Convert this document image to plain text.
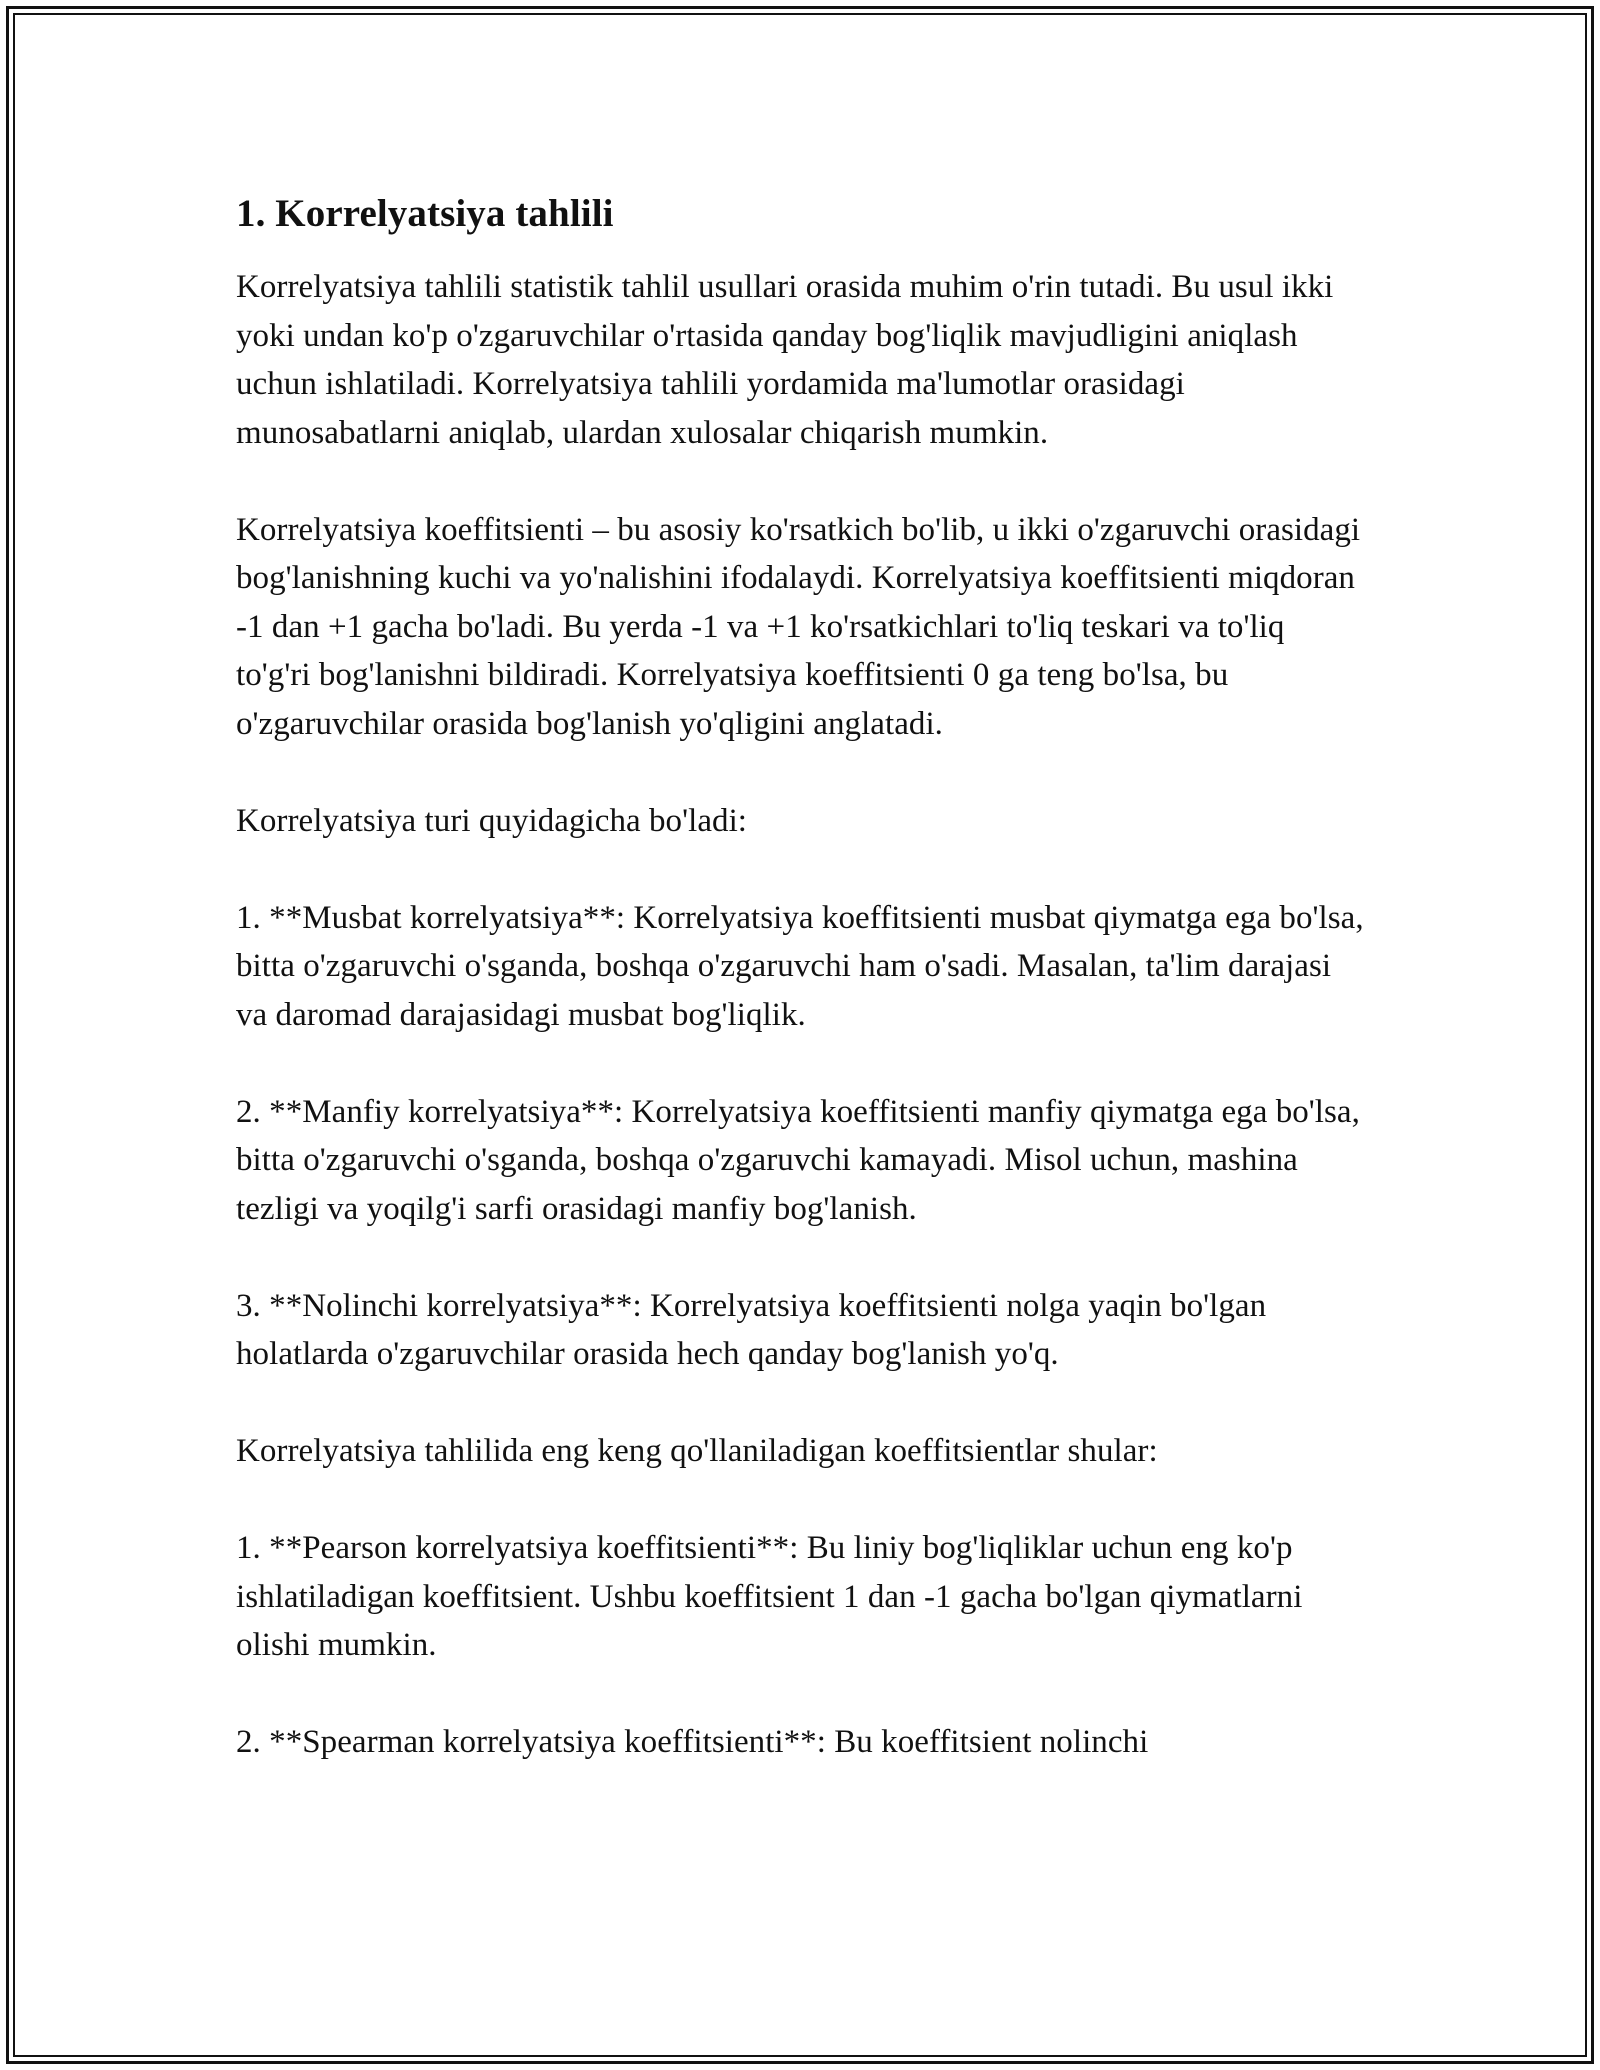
1. Korrelyatsiya tahlili

Korrelyatsiya tahlili statistik tahlil usullari orasida muhim o'rin tutadi. Bu usul ikki yoki undan ko'p o'zgaruvchilar o'rtasida qanday bog'liqlik mavjudligini aniqlash uchun ishlatiladi. Korrelyatsiya tahlili yordamida ma'lumotlar orasidagi munosabatlarni aniqlab, ulardan xulosalar chiqarish mumkin.

Korrelyatsiya koeffitsienti – bu asosiy ko'rsatkich bo'lib, u ikki o'zgaruvchi orasidagi bog'lanishning kuchi va yo'nalishini ifodalaydi. Korrelyatsiya koeffitsienti miqdoran -1 dan +1 gacha bo'ladi. Bu yerda -1 va +1 ko'rsatkichlari to'liq teskari va to'liq to'g'ri bog'lanishni bildiradi. Korrelyatsiya koeffitsienti 0 ga teng bo'lsa, bu o'zgaruvchilar orasida bog'lanish yo'qligini anglatadi.

Korrelyatsiya turi quyidagicha bo'ladi:

1. **Musbat korrelyatsiya**: Korrelyatsiya koeffitsienti musbat qiymatga ega bo'lsa, bitta o'zgaruvchi o'sganda, boshqa o'zgaruvchi ham o'sadi. Masalan, ta'lim darajasi va daromad darajasidagi musbat bog'liqlik.

2. **Manfiy korrelyatsiya**: Korrelyatsiya koeffitsienti manfiy qiymatga ega bo'lsa, bitta o'zgaruvchi o'sganda, boshqa o'zgaruvchi kamayadi. Misol uchun, mashina tezligi va yoqilg'i sarfi orasidagi manfiy bog'lanish.

3. **Nolinchi korrelyatsiya**: Korrelyatsiya koeffitsienti nolga yaqin bo'lgan holatlarda o'zgaruvchilar orasida hech qanday bog'lanish yo'q.

Korrelyatsiya tahlilida eng keng qo'llaniladigan koeffitsientlar shular:

1. **Pearson korrelyatsiya koeffitsienti**: Bu liniy bog'liqliklar uchun eng ko'p ishlatiladigan koeffitsient. Ushbu koeffitsient 1 dan -1 gacha bo'lgan qiymatlarni olishi mumkin.

2. **Spearman korrelyatsiya koeffitsienti**: Bu koeffitsient nolinchi
